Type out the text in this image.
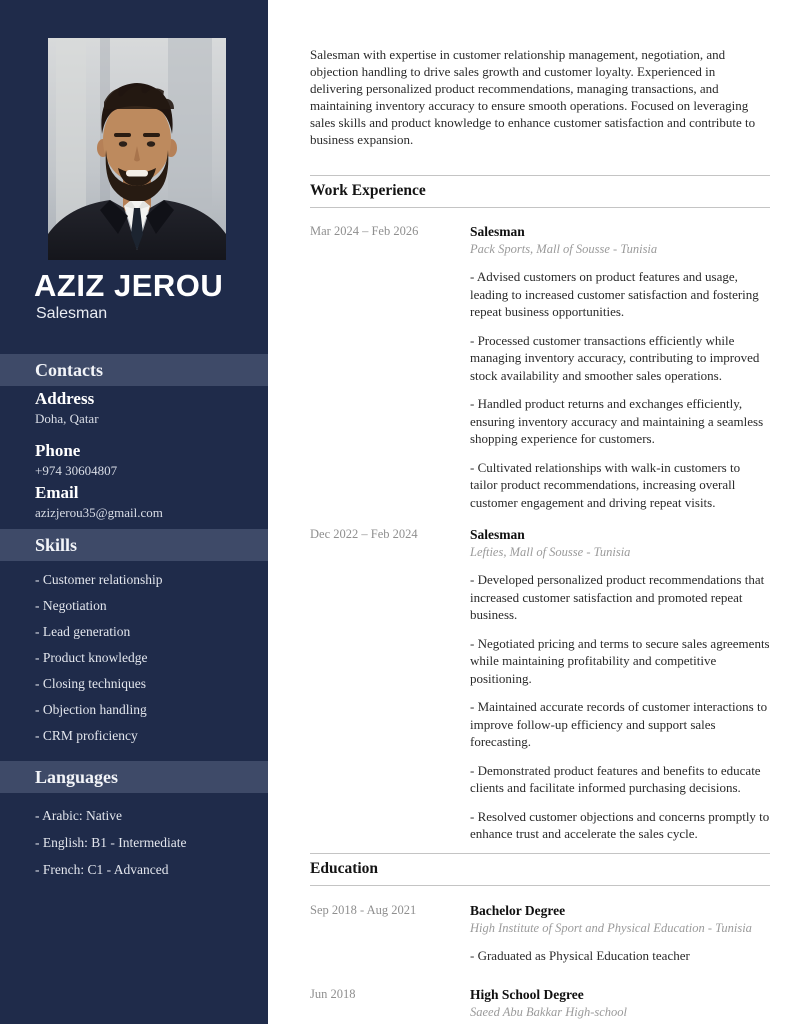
AZIZ JEROU
Salesman
Contacts
Address
Doha, Qatar
Phone
+974 30604807
Email
azizjerou35@gmail.com
Skills
- Customer relationship
- Negotiation
- Lead generation
- Product knowledge
- Closing techniques
- Objection handling
- CRM proficiency
Languages
- Arabic: Native
- English: B1 - Intermediate
- French: C1 - Advanced

Salesman with expertise in customer relationship management, negotiation, and objection handling to drive sales growth and customer loyalty. Experienced in delivering personalized product recommendations, managing transactions, and maintaining inventory accuracy to ensure smooth operations. Focused on leveraging sales skills and product knowledge to enhance customer satisfaction and contribute to business expansion.

Work Experience
Mar 2024 – Feb 2026	Salesman
Pack Sports, Mall of Sousse - Tunisia

- Advised customers on product features and usage, leading to increased customer satisfaction and fostering repeat business opportunities.

- Processed customer transactions efficiently while managing inventory accuracy, contributing to improved stock availability and smoother sales operations.

- Handled product returns and exchanges efficiently, ensuring inventory accuracy and maintaining a seamless shopping experience for customers.

- Cultivated relationships with walk-in customers to tailor product recommendations, increasing overall customer engagement and driving repeat visits.

Dec 2022 – Feb 2024	Salesman
Lefties, Mall of Sousse - Tunisia

- Developed personalized product recommendations that increased customer satisfaction and promoted repeat business.

- Negotiated pricing and terms to secure sales agreements while maintaining profitability and competitive positioning.

- Maintained accurate records of customer interactions to improve follow-up efficiency and support sales forecasting.

- Demonstrated product features and benefits to educate clients and facilitate informed purchasing decisions.

- Resolved customer objections and concerns promptly to enhance trust and accelerate the sales cycle.

Education
Sep 2018 - Aug 2021	Bachelor Degree
High Institute of Sport and Physical Education - Tunisia

- Graduated as Physical Education teacher

Jun 2018	High School Degree
Saeed Abu Bakkar High-school
